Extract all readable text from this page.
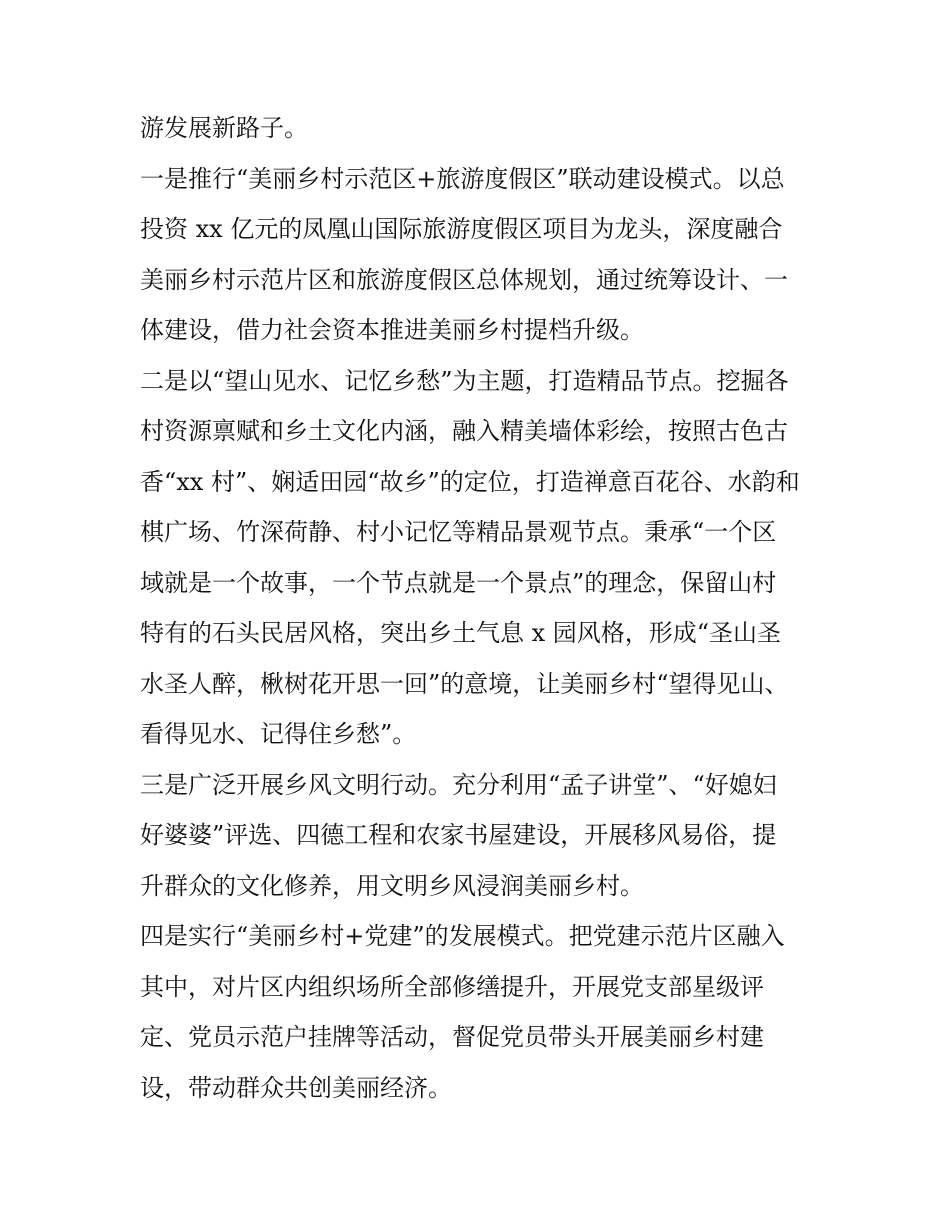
游发展新路子。
一是推行“美丽乡村示范区+旅游度假区”联动建设模式。以总
投资 xx 亿元的凤凰山国际旅游度假区项目为龙头，深度融合
美丽乡村示范片区和旅游度假区总体规划，通过统筹设计、一
体建设，借力社会资本推进美丽乡村提档升级。
二是以“望山见水、记忆乡愁”为主题，打造精品节点。挖掘各
村资源禀赋和乡土文化内涵，融入精美墙体彩绘，按照古色古
香“xx 村”、娴适田园“故乡”的定位，打造禅意百花谷、水韵和
棋广场、竹深荷静、村小记忆等精品景观节点。秉承“一个区
域就是一个故事，一个节点就是一个景点”的理念，保留山村
特有的石头民居风格，突出乡土气息 x 园风格，形成“圣山圣
水圣人醉，楸树花开思一回”的意境，让美丽乡村“望得见山、
看得见水、记得住乡愁”。
三是广泛开展乡风文明行动。充分利用“孟子讲堂”、“好媳妇
好婆婆”评选、四德工程和农家书屋建设，开展移风易俗，提
升群众的文化修养，用文明乡风浸润美丽乡村。
四是实行“美丽乡村+党建”的发展模式。把党建示范片区融入
其中，对片区内组织场所全部修缮提升，开展党支部星级评
定、党员示范户挂牌等活动，督促党员带头开展美丽乡村建
设，带动群众共创美丽经济。
